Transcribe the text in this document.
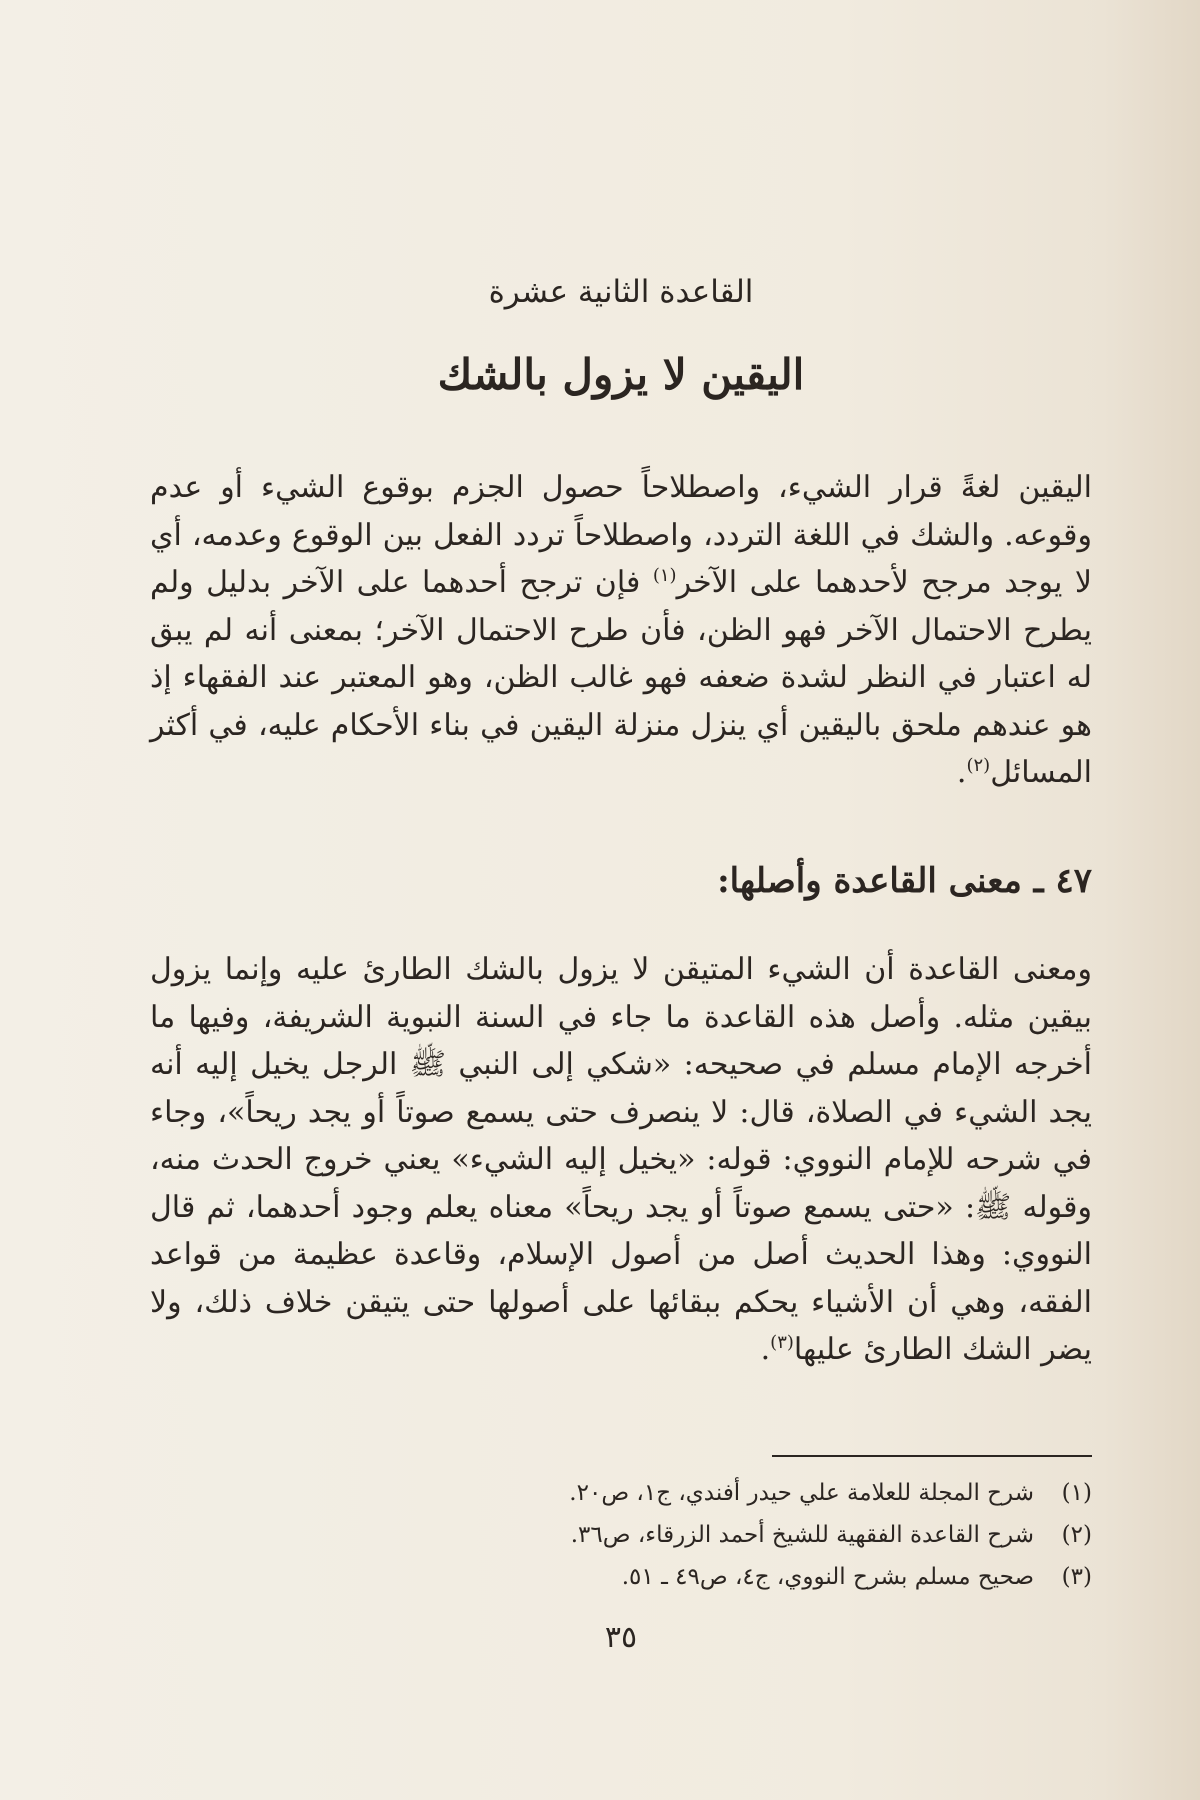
القاعدة الثانية عشرة
اليقين لا يزول بالشك

اليقين لغةً قرار الشيء، واصطلاحاً حصول الجزم بوقوع الشيء أو عدم وقوعه. والشك في اللغة التردد، واصطلاحاً تردد الفعل بين الوقوع وعدمه، أي لا يوجد مرجح لأحدهما على الآخر$^{(١)}$ فإن ترجح أحدهما على الآخر بدليل ولم يطرح الاحتمال الآخر فهو الظن، فأن طرح الاحتمال الآخر؛ بمعنى أنه لم يبق له اعتبار في النظر لشدة ضعفه فهو غالب الظن، وهو المعتبر عند الفقهاء إذ هو عندهم ملحق باليقين أي ينزل منزلة اليقين في بناء الأحكام عليه، في أكثر المسائل$^{(٢)}$.

٤٧ ـ معنى القاعدة وأصلها:

ومعنى القاعدة أن الشيء المتيقن لا يزول بالشك الطارئ عليه وإنما يزول بيقين مثله. وأصل هذه القاعدة ما جاء في السنة النبوية الشريفة، وفيها ما أخرجه الإمام مسلم في صحيحه: «شكي إلى النبي ﷺ الرجل يخيل إليه أنه يجد الشيء في الصلاة، قال: لا ينصرف حتى يسمع صوتاً أو يجد ريحاً»، وجاء في شرحه للإمام النووي: قوله: «يخيل إليه الشيء» يعني خروج الحدث منه، وقوله ﷺ: «حتى يسمع صوتاً أو يجد ريحاً» معناه يعلم وجود أحدهما، ثم قال النووي: وهذا الحديث أصل من أصول الإسلام، وقاعدة عظيمة من قواعد الفقه، وهي أن الأشياء يحكم ببقائها على أصولها حتى يتيقن خلاف ذلك، ولا يضر الشك الطارئ عليها$^{(٣)}$.

(١)
شرح المجلة للعلامة علي حيدر أفندي، ج١، ص٢٠.
(٢)
شرح القاعدة الفقهية للشيخ أحمد الزرقاء، ص٣٦.
(٣)
صحيح مسلم بشرح النووي، ج٤، ص٤٩ ـ ٥١.
٣٥
